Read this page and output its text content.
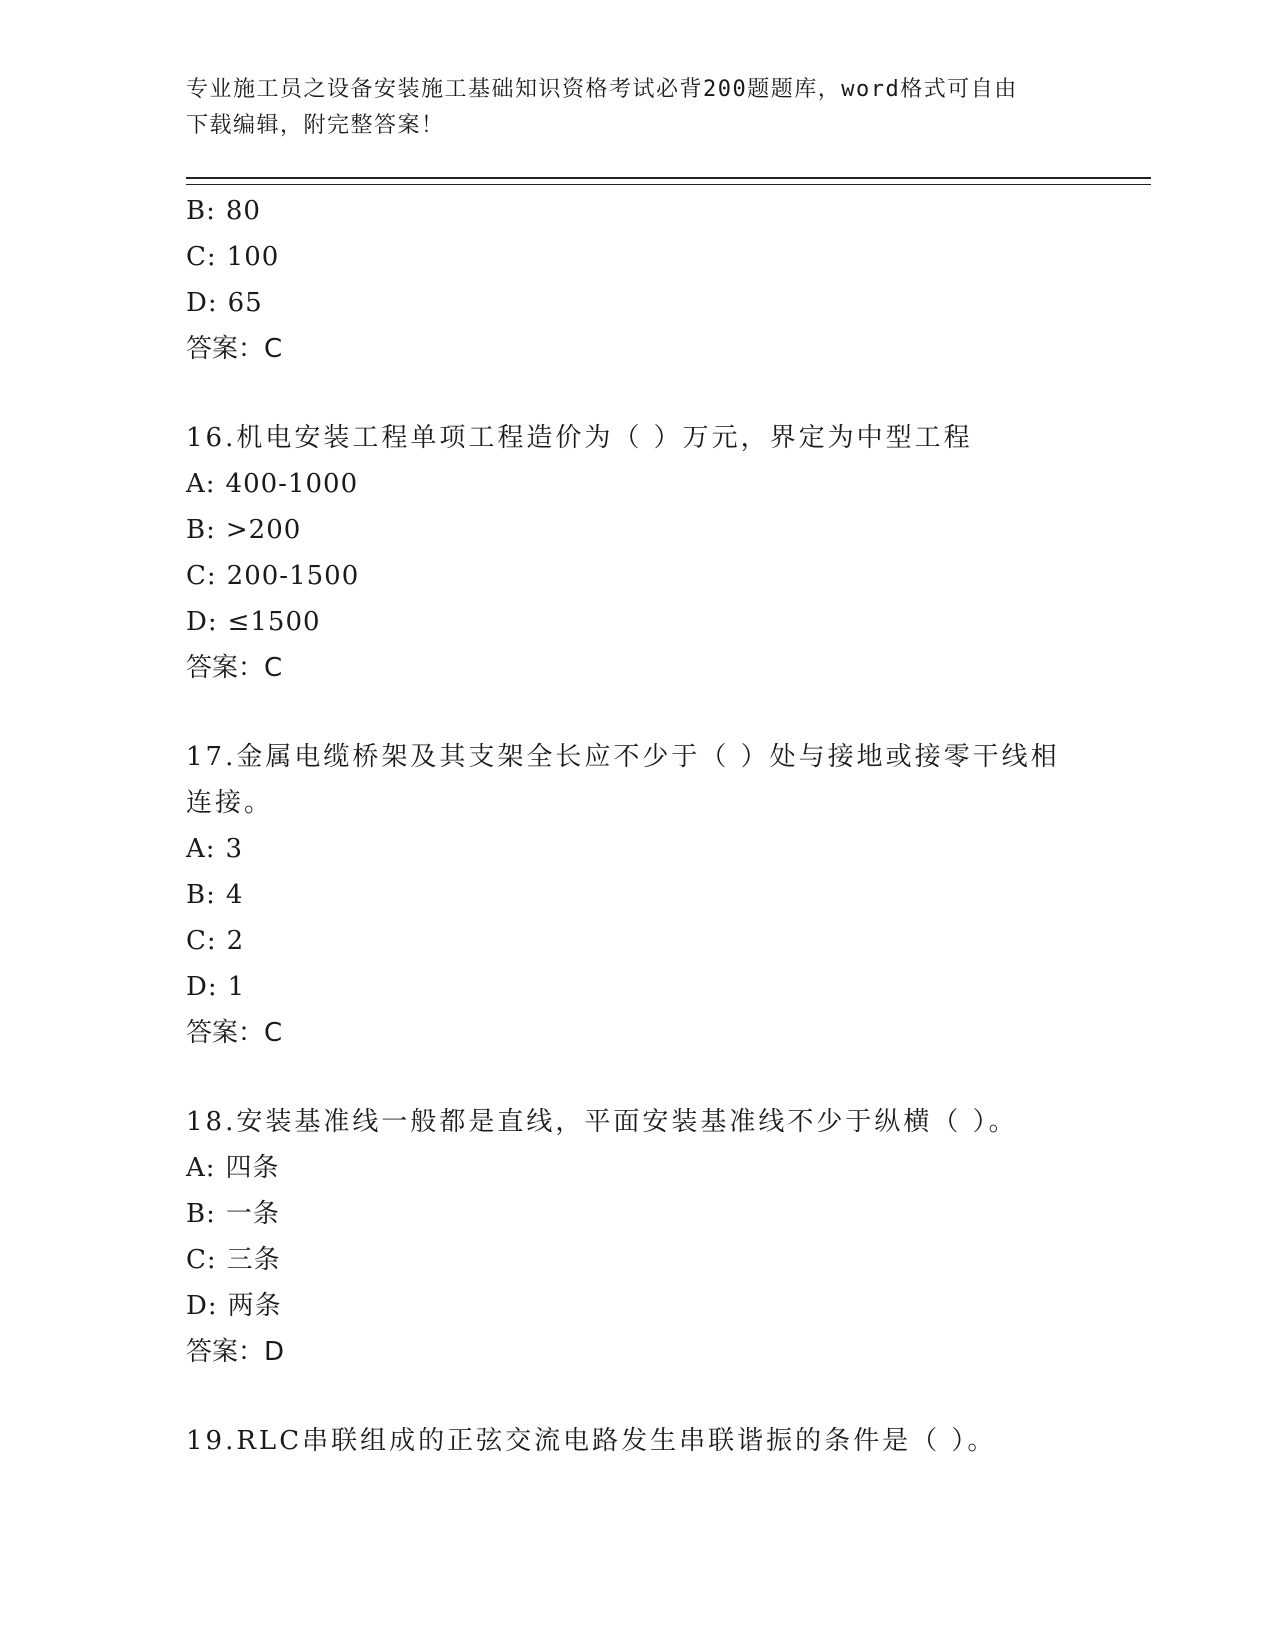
专业施工员之设备安装施工基础知识资格考试必背200题题库，word格式可自由
下载编辑，附完整答案！
B: 80
C: 100
D: 65
答案：C
16.机电安装工程单项工程造价为（ ）万元，界定为中型工程
A: 400-1000
B: >200
C: 200-1500
D: ≤1500
答案：C
17.金属电缆桥架及其支架全长应不少于（ ）处与接地或接零干线相
连接。
A: 3
B: 4
C: 2
D: 1
答案：C
18.安装基准线一般都是直线，平面安装基准线不少于纵横（ ）。
A: 四条
B: 一条
C: 三条
D: 两条
答案：D
19.RLC串联组成的正弦交流电路发生串联谐振的条件是（ ）。
